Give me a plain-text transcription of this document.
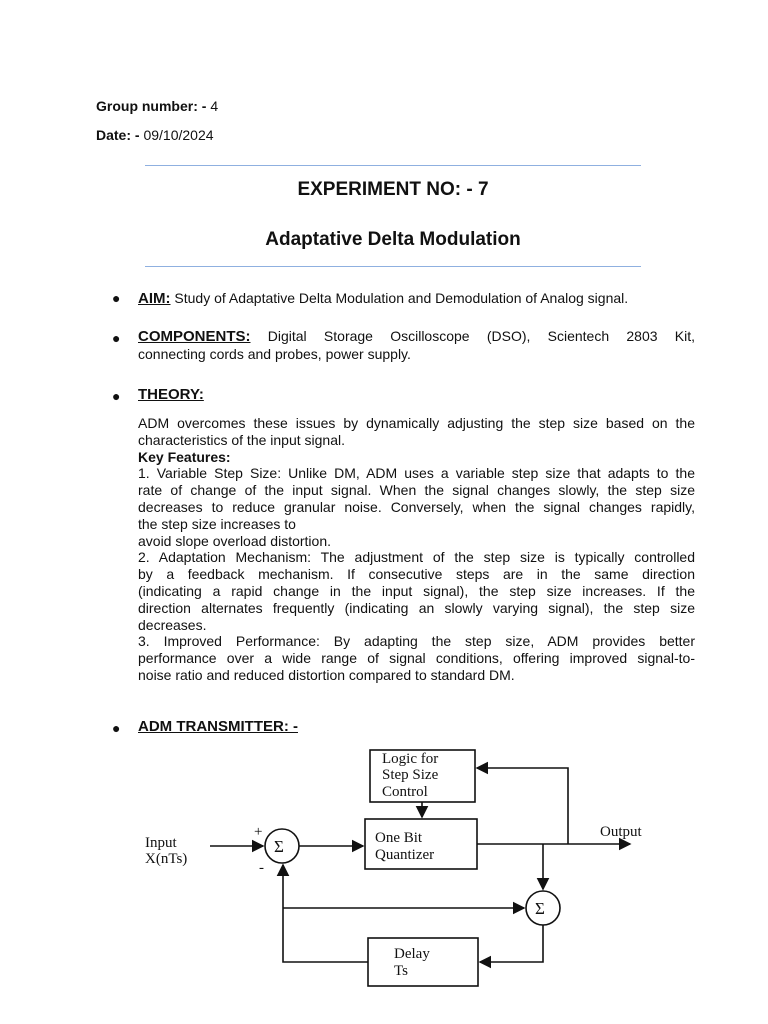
Group number: - 4
Date: - 09/10/2024
EXPERIMENT NO: - 7
Adaptative Delta Modulation
● AIM: Study of Adaptative Delta Modulation and Demodulation of Analog signal.
● COMPONENTS: Digital Storage Oscilloscope (DSO), Scientech 2803 Kit,
connecting cords and probes, power supply.
● THEORY:
ADM overcomes these issues by dynamically adjusting the step size based on the
characteristics of the input signal.
Key Features:
1. Variable Step Size: Unlike DM, ADM uses a variable step size that adapts to the
rate of change of the input signal. When the signal changes slowly, the step size
decreases to reduce granular noise. Conversely, when the signal changes rapidly,
the step size increases to
avoid slope overload distortion.
2. Adaptation Mechanism: The adjustment of the step size is typically controlled
by a feedback mechanism. If consecutive steps are in the same direction
(indicating a rapid change in the input signal), the step size increases. If the
direction alternates frequently (indicating an slowly varying signal), the step size
decreases.
3. Improved Performance: By adapting the step size, ADM provides better
performance over a wide range of signal conditions, offering improved signal-to-
noise ratio and reduced distortion compared to standard DM.
● ADM TRANSMITTER: -
Logic for
Step Size
Control
One Bit
Quantizer
Delay
Ts
Σ
+
-
Σ
Input
X(nTs)
Output
